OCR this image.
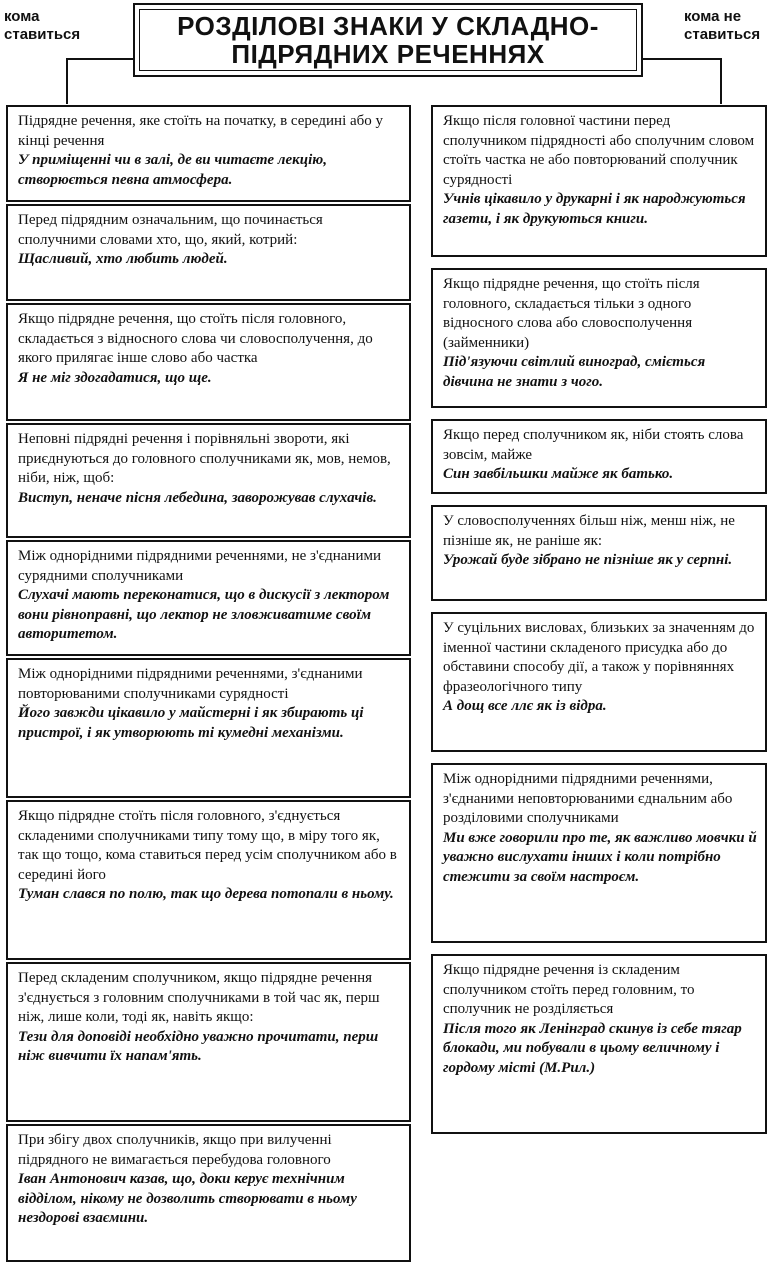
кома ставиться
кома не ставиться
РОЗДІЛОВІ ЗНАКИ У СКЛАДНО-
ПІДРЯДНИХ РЕЧЕННЯХ
Підрядне речення, яке стоїть на початку, в середині або у кінці речення
У приміщенні чи в залі, де ви читаєте лекцію, створюється певна атмосфера.
Перед підрядним означальним, що починається сполучними словами хто, що, який, котрий:
Щасливий, хто любить людей.
Якщо підрядне речення, що стоїть після головного, складається з відносного слова чи словосполучення, до якого прилягає інше слово або частка
Я не міг здогадатися, що ще.
Неповні підрядні речення і порівняльні звороти, які приєднуються до головного сполучниками як, мов, немов, ніби, ніж, щоб:
Виступ, неначе пісня лебедина, заворожував слухачів.
Між однорідними підрядними реченнями, не з'єднаними сурядними сполучниками
Слухачі мають переконатися, що в дискусії з лектором вони рівноправні, що лектор не зловживатиме своїм авторитетом.
Між однорідними підрядними реченнями, з'єднаними повторюваними сполучниками сурядності
Його завжди цікавило у майстерні і як збирають ці пристрої, і як утворюють ті кумедні механізми.
Якщо підрядне стоїть після головного, з'єднується складеними сполучниками типу тому що, в міру того як, так що тощо, кома ставиться перед усім сполучником або в середині його
Туман слався по полю, так що дерева потопали в ньому.
Перед складеним сполучником, якщо підрядне речення з'єднується з головним сполучниками в той час як, перш ніж, лише коли, тоді як, навіть якщо:
Тези для доповіді необхідно уважно прочитати, перш ніж вивчити їх напам'ять.
При збігу двох сполучників, якщо при вилученні підрядного не вимагається перебудова головного
Іван Антонович казав, що, доки керує технічним відділом, нікому не дозволить створювати в ньому нездорові взаємини.
Якщо після головної частини перед сполучником підрядності або сполучним словом стоїть частка не або повторюваний сполучник сурядності
Учнів цікавило у друкарні і як народжуються газети, і як друкуються книги.
Якщо підрядне речення, що стоїть після головного, складається тільки з одного відносного слова або словосполучення (займенники)
Під'язуючи світлий виноград, сміється дівчина не знати з чого.
Якщо перед сполучником як, ніби стоять слова зовсім, майже
Син завбільшки майже як батько.
У словосполученнях більш ніж, менш ніж, не пізніше як, не раніше як:
Урожай буде зібрано не пізніше як у серпні.
У суцільних висловах, близьких за значенням до іменної частини складеного присудка або до обставини способу дії, а також у порівняннях фразеологічного типу
А дощ все ллє як із відра.
Між однорідними підрядними реченнями, з'єднаними неповторюваними єднальним або розділовими сполучниками
Ми вже говорили про те, як важливо мовчки й уважно вислухати інших і коли потрібно стежити за своїм настроєм.
Якщо підрядне речення із складеним сполучником стоїть перед головним, то сполучник не розділяється
Після того як Ленінград скинув із себе тягар блокади, ми побували в цьому величному і гордому місті (М.Рил.)
